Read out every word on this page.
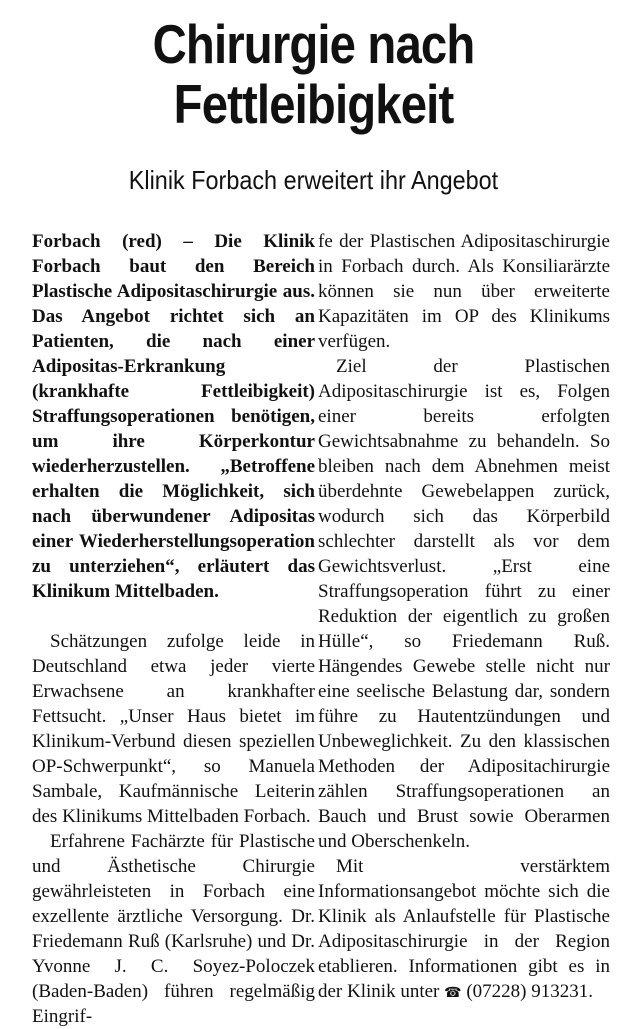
Chirurgie nach
Fettleibigkeit
Klinik Forbach erweitert ihr Angebot

Forbach (red) – Die Klinik Forbach baut den Bereich Plastische Adipositaschirurgie aus. Das Angebot richtet sich an Patienten, die nach einer Adipositas-Erkrankung (krankhafte Fettleibigkeit) Straffungsoperationen benötigen, um ihre Körperkontur wiederherzustellen. „Betroffene erhalten die Möglichkeit, sich nach überwundener Adipositas einer Wiederherstellungsoperation zu unterziehen“, erläutert das Klinikum Mittelbaden.

Schätzungen zufolge leide in Deutschland etwa jeder vierte Erwachsene an krankhafter Fettsucht. „Unser Haus bietet im Klinikum-Verbund diesen speziellen OP-Schwerpunkt“, so Manuela Sambale, Kaufmännische Leiterin des Klinikums Mittelbaden Forbach.

Erfahrene Fachärzte für Plastische und Ästhetische Chirurgie gewährleisteten in Forbach eine exzellente ärztliche Versorgung. Dr. Friedemann Ruß (Karlsruhe) und Dr. Yvonne J. C. Soyez-Poloczek (Baden-Baden) führen regelmäßig Eingrif-

fe der Plastischen Adipositaschirurgie in Forbach durch. Als Konsiliarärzte können sie nun über erweiterte Kapazitäten im OP des Klinikums verfügen.

Ziel der Plastischen Adipositaschirurgie ist es, Folgen einer bereits erfolgten Gewichtsabnahme zu behandeln. So bleiben nach dem Abnehmen meist überdehnte Gewebelappen zurück, wodurch sich das Körperbild schlechter darstellt als vor dem Gewichtsverlust. „Erst eine Straffungsoperation führt zu einer Reduktion der eigentlich zu großen Hülle“, so Friedemann Ruß. Hängendes Gewebe stelle nicht nur eine seelische Belastung dar, sondern führe zu Hautentzündungen und Unbeweglichkeit. Zu den klassischen Methoden der Adipositachirurgie zählen Straffungsoperationen an Bauch und Brust sowie Oberarmen und Oberschenkeln.

Mit verstärktem Informationsangebot möchte sich die Klinik als Anlaufstelle für Plastische Adipositaschirurgie in der Region etablieren. Informationen gibt es in der Klinik unter ☎ (07228) 913231.
